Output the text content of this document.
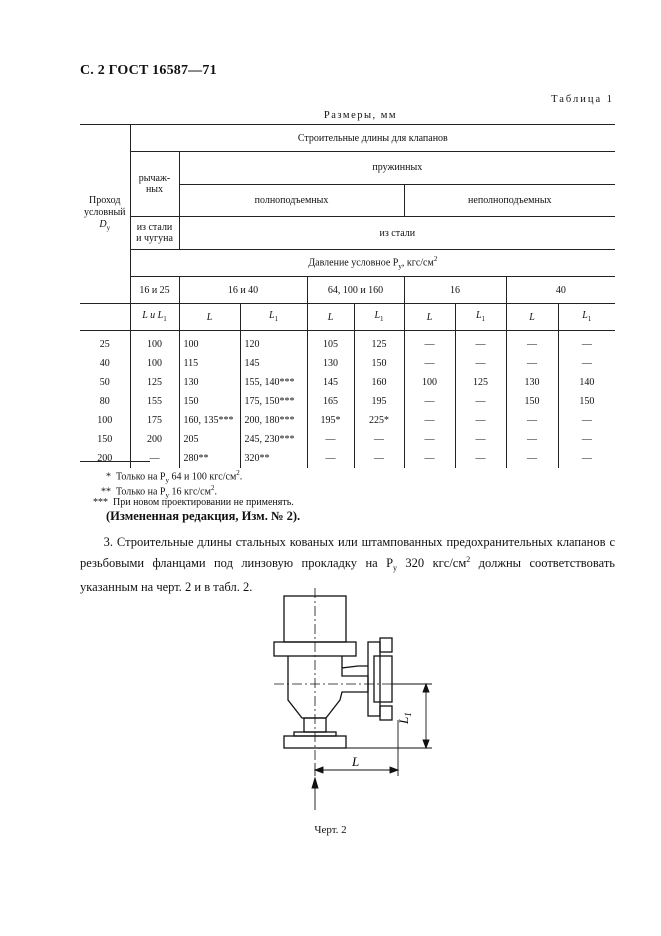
С. 2 ГОСТ 16587—71
Таблица 1
Размеры, мм
Проход
условный
$D_у$	Строительные длины для клапанов								
	рычаж-
ных	пружинных							
		полноподъемных				неполноподъемных			
	из стали
и чугуна	из стали							
	Давление условное $P_у$, кгс/$см^2$
	16 и 25	16 и 40		64, 100 и 160		16		40	
	L и $L_1$	L	$L_1$	L	$L_1$	L	$L_1$	L	$L_1$
25	100	100	120	105	125	—	—	—	—
40	100	115	145	130	150	—	—	—	—
50	125	130	155, 140***	145	160	100	125	130	140
80	155	150	175, 150***	165	195	—	—	150	150
100	175	160, 135***	200, 180***	195*	225*	—	—	—	—
150	200	205	245, 230***	—	—	—	—	—	—
200	—	280**	320**	—	—	—	—	—	—
* Только на $P_у$ 64 и 100 кгс/$см^2$.
** Только на $P_у$ 16 кгс/$см^2$.
*** При новом проектировании не применять.
(Измененная редакция, Изм. № 2).
3. Строительные длины стальных кованых или штампованных предохранительных клапанов с резьбовыми фланцами под линзовую прокладку на $P_у$ 320 кгс/$см^2$ должны соответствовать указанным на черт. 2 и в табл. 2.
$L_1$
L
Черт. 2
